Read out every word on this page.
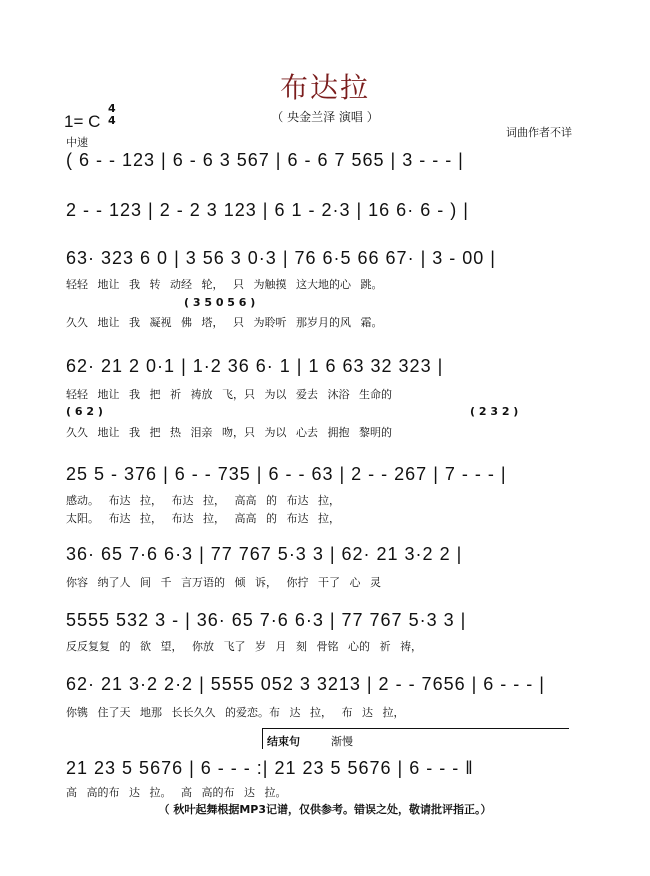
布达拉
（ 央金兰泽 演唱 ）
1= C
4
4
词曲作者不详
中速
( 6 - - 123 | 6 - 6 3 567 | 6 - 6 7 565 | 3 - - - |
2 - - 123 | 2 - 2 3 123 | 6 1 - 2·3 | 16 6· 6 - ) |
63· 323 6 0 | 3 56 3 0·3 | 76 6·5 66 67· | 3 - 00 |
轻轻 地让 我 转 动经 轮， 只 为触摸 这大地的心 跳。
( 3 5 0 5 6 )
久久 地让 我 凝视 佛 塔， 只 为聆听 那岁月的风 霜。
62· 21 2 0·1 | 1·2 36 6· 1 | 1 6 63 32 323 |
轻轻 地让 我 把 祈 祷放 飞，只 为以 爱去 沐浴 生命的
( 6 2 )	( 2 3 2 )
久久 地让 我 把 热 泪亲 吻，只 为以 心去 拥抱 黎明的
25 5 - 376 | 6 - - 735 | 6 - - 63 | 2 - - 267 | 7 - - - |
感动。 布达 拉， 布达 拉， 高高 的 布达 拉，
太阳。 布达 拉， 布达 拉， 高高 的 布达 拉，
36· 65 7·6 6·3 | 77 767 5·3 3 | 62· 21 3·2 2 |
你容 纳了人 间 千 言万语的 倾 诉， 你拧 干了 心 灵
5555 532 3 - | 36· 65 7·6 6·3 | 77 767 5·3 3 |
反反复复 的 欲 望， 你放 飞了 岁 月 刻 骨铭 心的 祈 祷，
62· 21 3·2 2·2 | 5555 052 3 3213 | 2 - - 7656 | 6 - - - |
你镌 住了天 地那 长长久久 的爱恋。布 达 拉， 布 达 拉，
结束句	渐慢
21 23 5 5676 | 6 - - - :| 21 23 5 5676 | 6 - - - ‖
高 高的布 达 拉。 高 高的布 达 拉。
（ 秋叶起舞根据MP3记谱，仅供参考。错误之处，敬请批评指正。）
